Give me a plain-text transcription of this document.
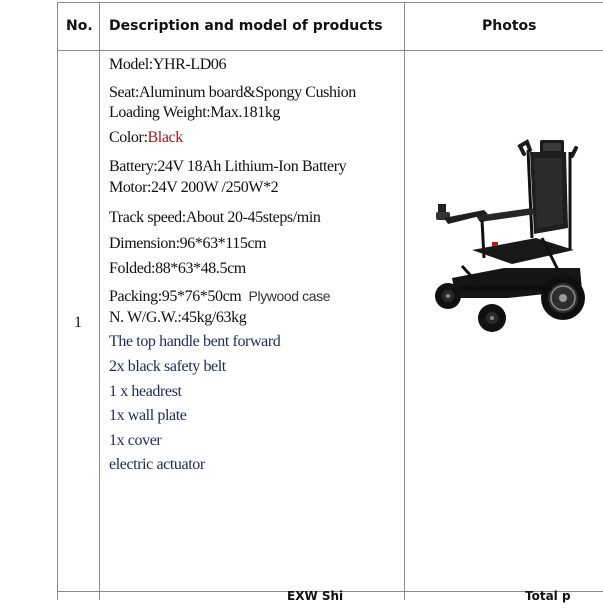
No. Description and model of products	Photos
1
Model:YHR-LD06
Seat:Aluminum board&Spongy Cushion
Loading Weight:Max.181kg
Color:Black
Battery:24V 18Ah Lithium-Ion Battery
Motor:24V 200W /250W*2
Track speed:About 20-45steps/min
Dimension:96*63*115cm
Folded:88*63*48.5cm
Packing:95*76*50cm Plywood case
N. W/G.W.:45kg/63kg
The top handle bent forward
2x black safety belt
1 x headrest
1x wall plate
1x cover
electric actuator
EXW Shi	Total p
